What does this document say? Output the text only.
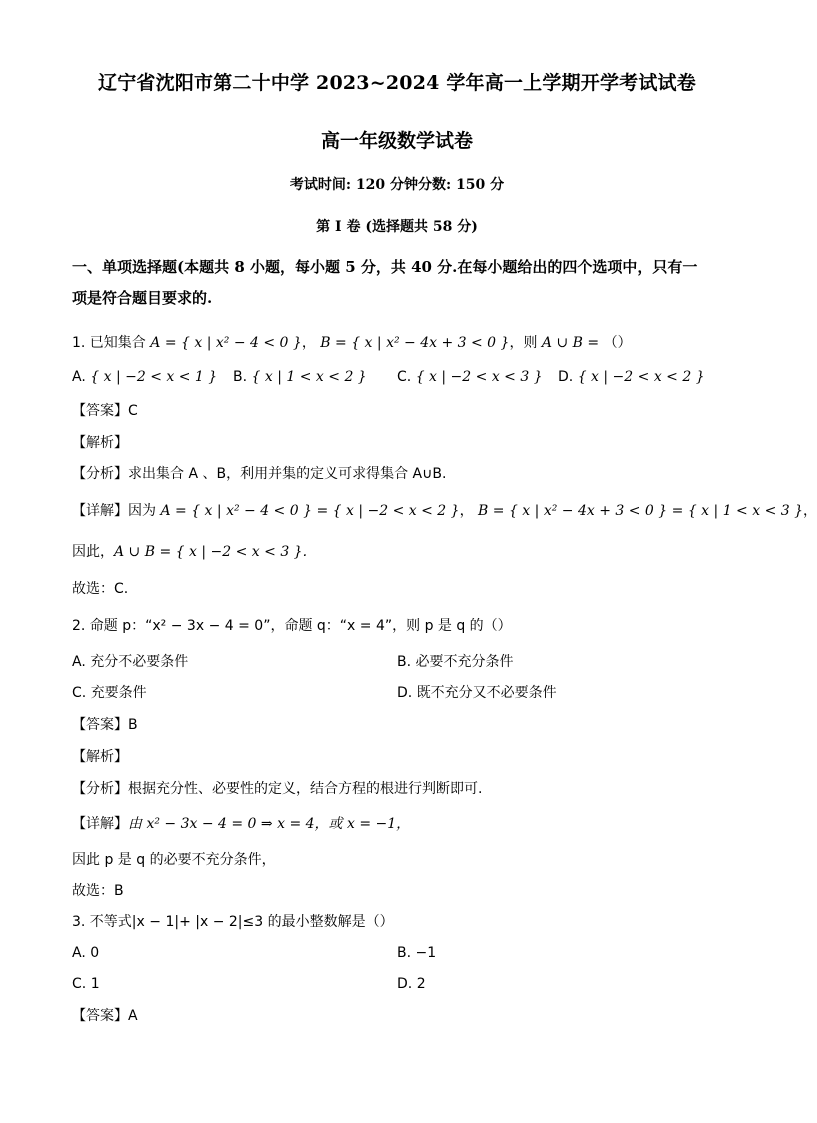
辽宁省沈阳市第二十中学 2023~2024 学年高一上学期开学考试试卷
高一年级数学试卷
考试时间: 120 分钟分数: 150 分
第 I 卷 (选择题共 58 分)
一、单项选择题(本题共 8 小题，每小题 5 分，共 40 分.在每小题给出的四个选项中，只有一
项是符合题目要求的.
1. 已知集合 A = { x | x² − 4 < 0 }， B = { x | x² − 4x + 3 < 0 }，则 A ∪ B = （）
A. { x | −2 < x < 1 } B. { x | 1 < x < 2 } C. { x | −2 < x < 3 } D. { x | −2 < x < 2 }
【答案】C
【解析】
【分析】求出集合 A 、B，利用并集的定义可求得集合 A∪B.
【详解】因为 A = { x | x² − 4 < 0 } = { x | −2 < x < 2 }， B = { x | x² − 4x + 3 < 0 } = { x | 1 < x < 3 }，
因此，A ∪ B = { x | −2 < x < 3 }.
故选：C.
2. 命题 p：“x² − 3x − 4 = 0”，命题 q：“x = 4”，则 p 是 q 的（）
A. 充分不必要条件	B. 必要不充分条件
C. 充要条件	D. 既不充分又不必要条件
【答案】B
【解析】
【分析】根据充分性、必要性的定义，结合方程的根进行判断即可.
【详解】由 x² − 3x − 4 = 0 ⇒ x = 4，或 x = −1，
因此 p 是 q 的必要不充分条件，
故选：B
3. 不等式|x − 1|+ |x − 2|≤3 的最小整数解是（）
A. 0	B. −1
C. 1	D. 2
【答案】A
